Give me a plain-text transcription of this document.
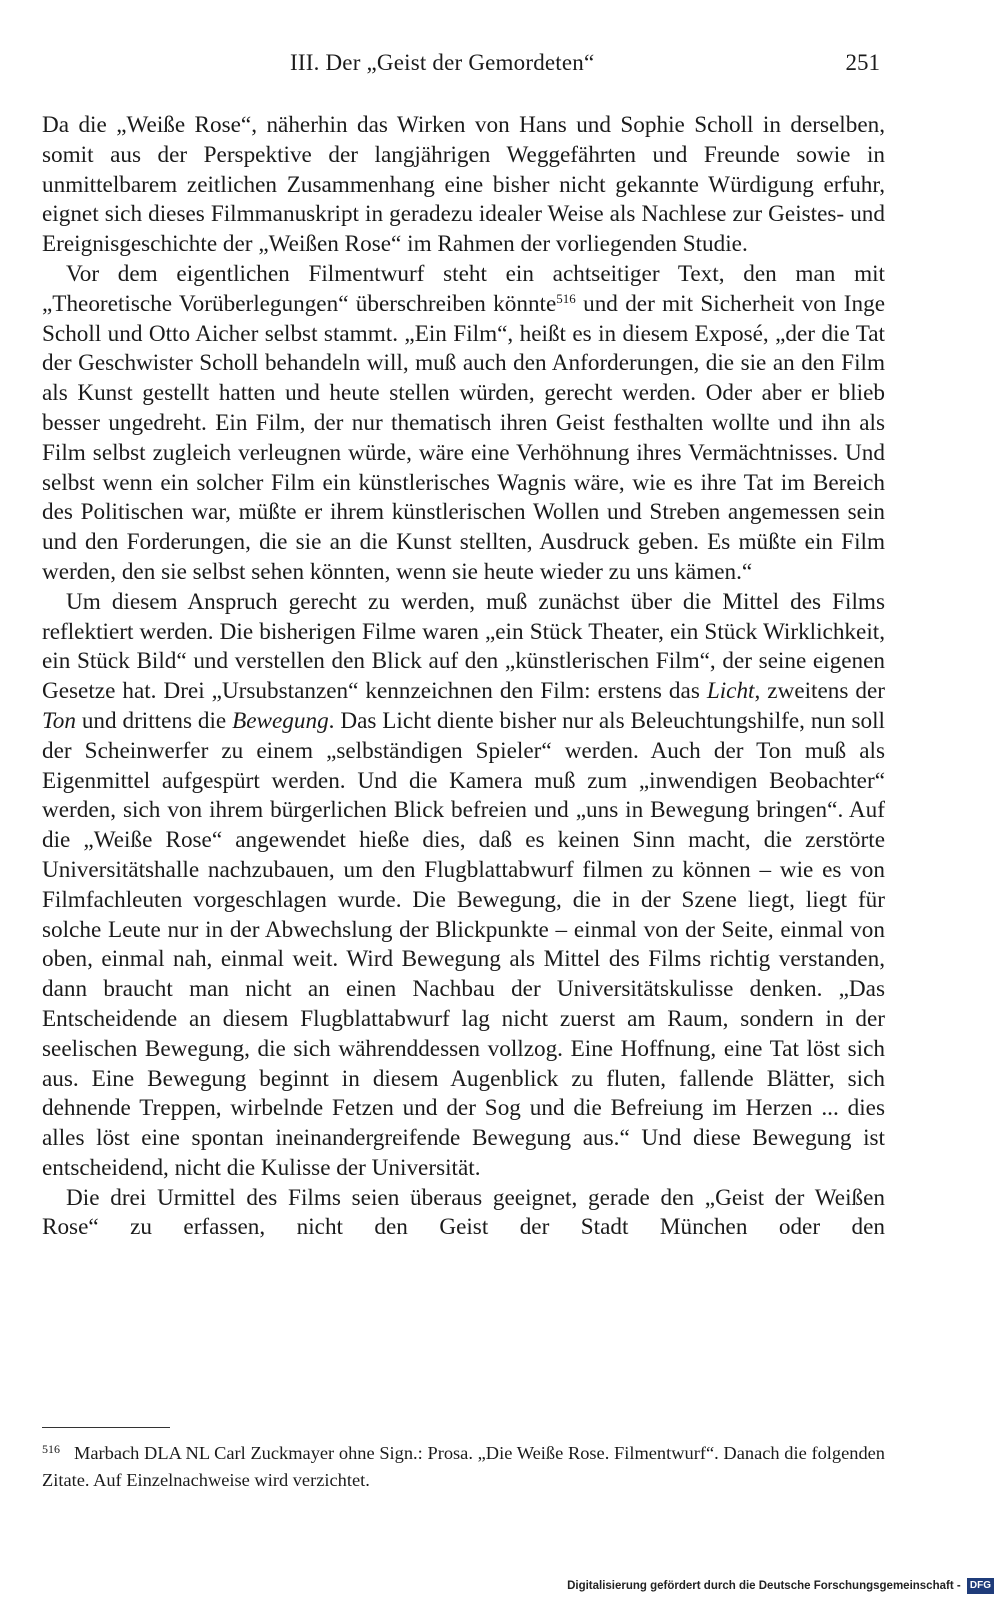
III. Der „Geist der Gemordeten“	251

Da die „Weiße Rose“, näherhin das Wirken von Hans und Sophie Scholl in derselben, somit aus der Perspektive der langjährigen Weggefährten und Freunde sowie in unmittelbarem zeitlichen Zusammenhang eine bisher nicht gekannte Würdigung erfuhr, eignet sich dieses Filmmanuskript in geradezu idealer Weise als Nachlese zur Geistes- und Ereignisgeschichte der „Weißen Rose“ im Rahmen der vorliegenden Studie.

Vor dem eigentlichen Filmentwurf steht ein achtseitiger Text, den man mit „Theoretische Vorüberlegungen“ überschreiben könnte$^{516}$ und der mit Sicherheit von Inge Scholl und Otto Aicher selbst stammt. „Ein Film“, heißt es in diesem Exposé, „der die Tat der Geschwister Scholl behandeln will, muß auch den Anforderungen, die sie an den Film als Kunst gestellt hatten und heute stellen würden, gerecht werden. Oder aber er blieb besser ungedreht. Ein Film, der nur thematisch ihren Geist festhalten wollte und ihn als Film selbst zugleich verleugnen würde, wäre eine Verhöhnung ihres Vermächtnisses. Und selbst wenn ein solcher Film ein künstlerisches Wagnis wäre, wie es ihre Tat im Bereich des Politischen war, müßte er ihrem künstlerischen Wollen und Streben angemessen sein und den Forderungen, die sie an die Kunst stellten, Ausdruck geben. Es müßte ein Film werden, den sie selbst sehen könnten, wenn sie heute wieder zu uns kämen.“

Um diesem Anspruch gerecht zu werden, muß zunächst über die Mittel des Films reflektiert werden. Die bisherigen Filme waren „ein Stück Theater, ein Stück Wirklichkeit, ein Stück Bild“ und verstellen den Blick auf den „künstlerischen Film“, der seine eigenen Gesetze hat. Drei „Ursubstanzen“ kennzeichnen den Film: erstens das Licht, zweitens der Ton und drittens die Bewegung. Das Licht diente bisher nur als Beleuchtungshilfe, nun soll der Scheinwerfer zu einem „selbständigen Spieler“ werden. Auch der Ton muß als Eigenmittel aufgespürt werden. Und die Kamera muß zum „inwendigen Beobachter“ werden, sich von ihrem bürgerlichen Blick befreien und „uns in Bewegung bringen“. Auf die „Weiße Rose“ angewendet hieße dies, daß es keinen Sinn macht, die zerstörte Universitätshalle nachzubauen, um den Flugblattabwurf filmen zu können – wie es von Filmfachleuten vorgeschlagen wurde. Die Bewegung, die in der Szene liegt, liegt für solche Leute nur in der Abwechslung der Blickpunkte – einmal von der Seite, einmal von oben, einmal nah, einmal weit. Wird Bewegung als Mittel des Films richtig verstanden, dann braucht man nicht an einen Nachbau der Universitätskulisse denken. „Das Entscheidende an diesem Flugblattabwurf lag nicht zuerst am Raum, sondern in der seelischen Bewegung, die sich währenddessen vollzog. Eine Hoffnung, eine Tat löst sich aus. Eine Bewegung beginnt in diesem Augenblick zu fluten, fallende Blätter, sich dehnende Treppen, wirbelnde Fetzen und der Sog und die Befreiung im Herzen ... dies alles löst eine spontan ineinandergreifende Bewegung aus.“ Und diese Bewegung ist entscheidend, nicht die Kulisse der Universität.

Die drei Urmittel des Films seien überaus geeignet, gerade den „Geist der Weißen Rose“ zu erfassen, nicht den Geist der Stadt München oder den

$^{516}$ Marbach DLA NL Carl Zuckmayer ohne Sign.: Prosa. „Die Weiße Rose. Filmentwurf“. Danach die folgenden Zitate. Auf Einzelnachweise wird verzichtet.
Digitalisierung gefördert durch die Deutsche Forschungsgemeinschaft - DFG
